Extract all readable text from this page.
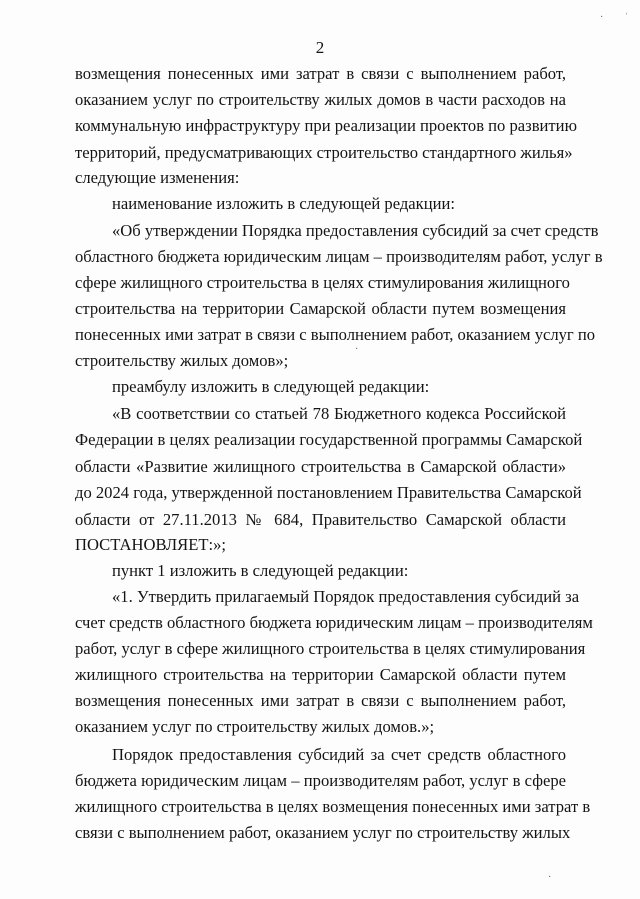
2
возмещения понесенных ими затрат в связи с выполнением работ,
оказанием услуг по строительству жилых домов в части расходов на
коммунальную инфраструктуру при реализации проектов по развитию
территорий, предусматривающих строительство стандартного жилья»
следующие изменения:
наименование изложить в следующей редакции:
«Об утверждении Порядка предоставления субсидий за счет средств
областного бюджета юридическим лицам – производителям работ, услуг в
сфере жилищного строительства в целях стимулирования жилищного
строительства на территории Самарской области путем возмещения
понесенных ими затрат в связи с выполнением работ, оказанием услуг по
строительству жилых домов»;
преамбулу изложить в следующей редакции:
«В соответствии со статьей 78 Бюджетного кодекса Российской
Федерации в целях реализации государственной программы Самарской
области «Развитие жилищного строительства в Самарской области»
до 2024 года, утвержденной постановлением Правительства Самарской
области от 27.11.2013 № 684, Правительство Самарской области
ПОСТАНОВЛЯЕТ:»;
пункт 1 изложить в следующей редакции:
«1. Утвердить прилагаемый Порядок предоставления субсидий за
счет средств областного бюджета юридическим лицам – производителям
работ, услуг в сфере жилищного строительства в целях стимулирования
жилищного строительства на территории Самарской области путем
возмещения понесенных ими затрат в связи с выполнением работ,
оказанием услуг по строительству жилых домов.»;
Порядок предоставления субсидий за счет средств областного
бюджета юридическим лицам – производителям работ, услуг в сфере
жилищного строительства в целях возмещения понесенных ими затрат в
связи с выполнением работ, оказанием услуг по строительству жилых
·
ˌ
·
·
